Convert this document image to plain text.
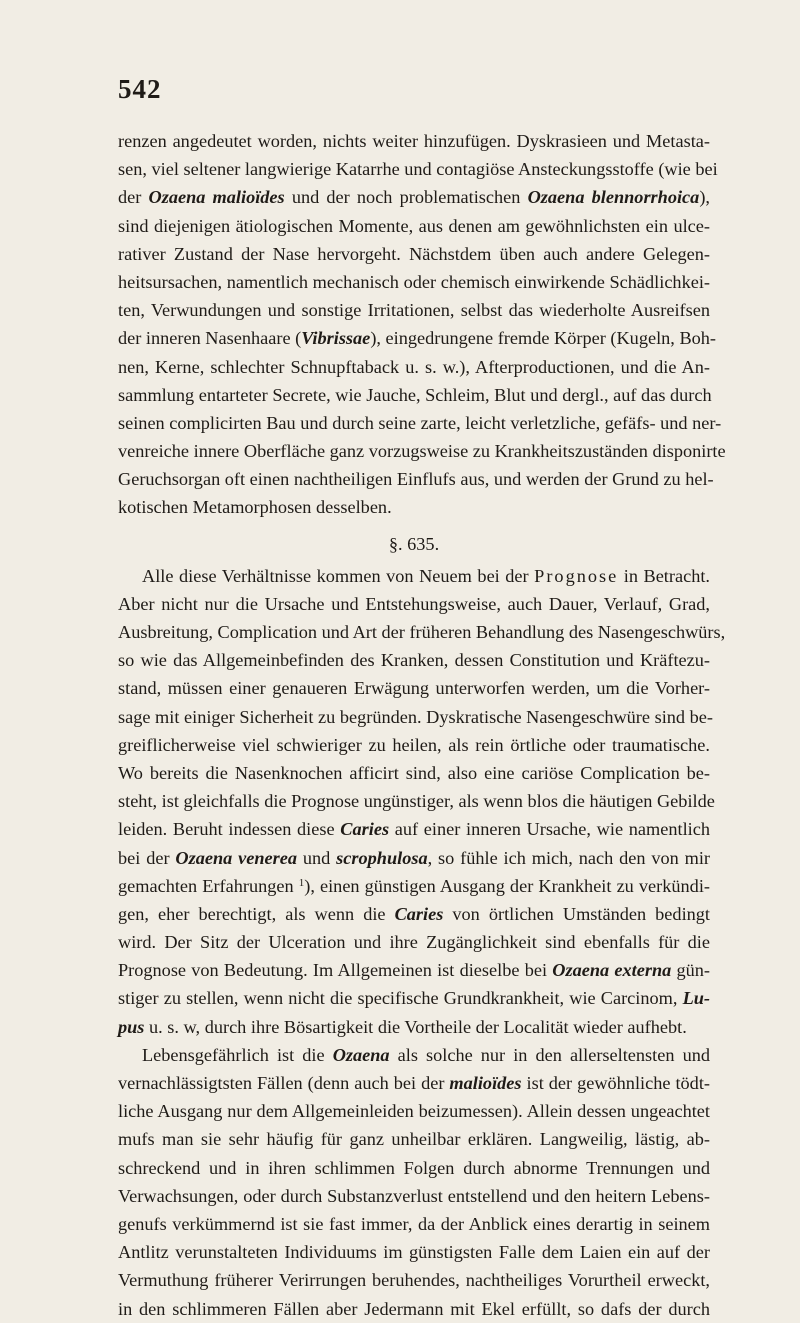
542
renzen angedeutet worden, nichts weiter hinzufügen. Dyskrasieen und Metasta-
sen, viel seltener langwierige Katarrhe und contagiöse Ansteckungsstoffe (wie bei
der Ozaena malioïdes und der noch problematischen Ozaena blennorrhoica),
sind diejenigen ätiologischen Momente, aus denen am gewöhnlichsten ein ulce-
rativer Zustand der Nase hervorgeht. Nächstdem üben auch andere Gelegen-
heitsursachen, namentlich mechanisch oder chemisch einwirkende Schädlichkei-
ten, Verwundungen und sonstige Irritationen, selbst das wiederholte Ausreifsen
der inneren Nasenhaare (Vibrissae), eingedrungene fremde Körper (Kugeln, Boh-
nen, Kerne, schlechter Schnupftaback u. s. w.), Afterproductionen, und die An-
sammlung entarteter Secrete, wie Jauche, Schleim, Blut und dergl., auf das durch
seinen complicirten Bau und durch seine zarte, leicht verletzliche, gefäfs- und ner-
venreiche innere Oberfläche ganz vorzugsweise zu Krankheitszuständen disponirte
Geruchsorgan oft einen nachtheiligen Einflufs aus, und werden der Grund zu hel-
kotischen Metamorphosen desselben.
§. 635.
Alle diese Verhältnisse kommen von Neuem bei der Prognose in Betracht.
Aber nicht nur die Ursache und Entstehungsweise, auch Dauer, Verlauf, Grad,
Ausbreitung, Complication und Art der früheren Behandlung des Nasengeschwürs,
so wie das Allgemeinbefinden des Kranken, dessen Constitution und Kräftezu-
stand, müssen einer genaueren Erwägung unterworfen werden, um die Vorher-
sage mit einiger Sicherheit zu begründen. Dyskratische Nasengeschwüre sind be-
greiflicherweise viel schwieriger zu heilen, als rein örtliche oder traumatische.
Wo bereits die Nasenknochen afficirt sind, also eine cariöse Complication be-
steht, ist gleichfalls die Prognose ungünstiger, als wenn blos die häutigen Gebilde
leiden. Beruht indessen diese Caries auf einer inneren Ursache, wie namentlich
bei der Ozaena venerea und scrophulosa, so fühle ich mich, nach den von mir
gemachten Erfahrungen $^1$), einen günstigen Ausgang der Krankheit zu verkündi-
gen, eher berechtigt, als wenn die Caries von örtlichen Umständen bedingt
wird. Der Sitz der Ulceration und ihre Zugänglichkeit sind ebenfalls für die
Prognose von Bedeutung. Im Allgemeinen ist dieselbe bei Ozaena externa gün-
stiger zu stellen, wenn nicht die specifische Grundkrankheit, wie Carcinom, Lu-
pus u. s. w, durch ihre Bösartigkeit die Vortheile der Localität wieder aufhebt.
Lebensgefährlich ist die Ozaena als solche nur in den allerseltensten und
vernachlässigtsten Fällen (denn auch bei der malioïdes ist der gewöhnliche tödt-
liche Ausgang nur dem Allgemeinleiden beizumessen). Allein dessen ungeachtet
mufs man sie sehr häufig für ganz unheilbar erklären. Langweilig, lästig, ab-
schreckend und in ihren schlimmen Folgen durch abnorme Trennungen und
Verwachsungen, oder durch Substanzverlust entstellend und den heitern Lebens-
genufs verkümmernd ist sie fast immer, da der Anblick eines derartig in seinem
Antlitz verunstalteten Individuums im günstigsten Falle dem Laien ein auf der
Vermuthung früherer Verirrungen beruhendes, nachtheiliges Vorurtheil erweckt,
in den schlimmeren Fällen aber Jedermann mit Ekel erfüllt, so dafs der durch
